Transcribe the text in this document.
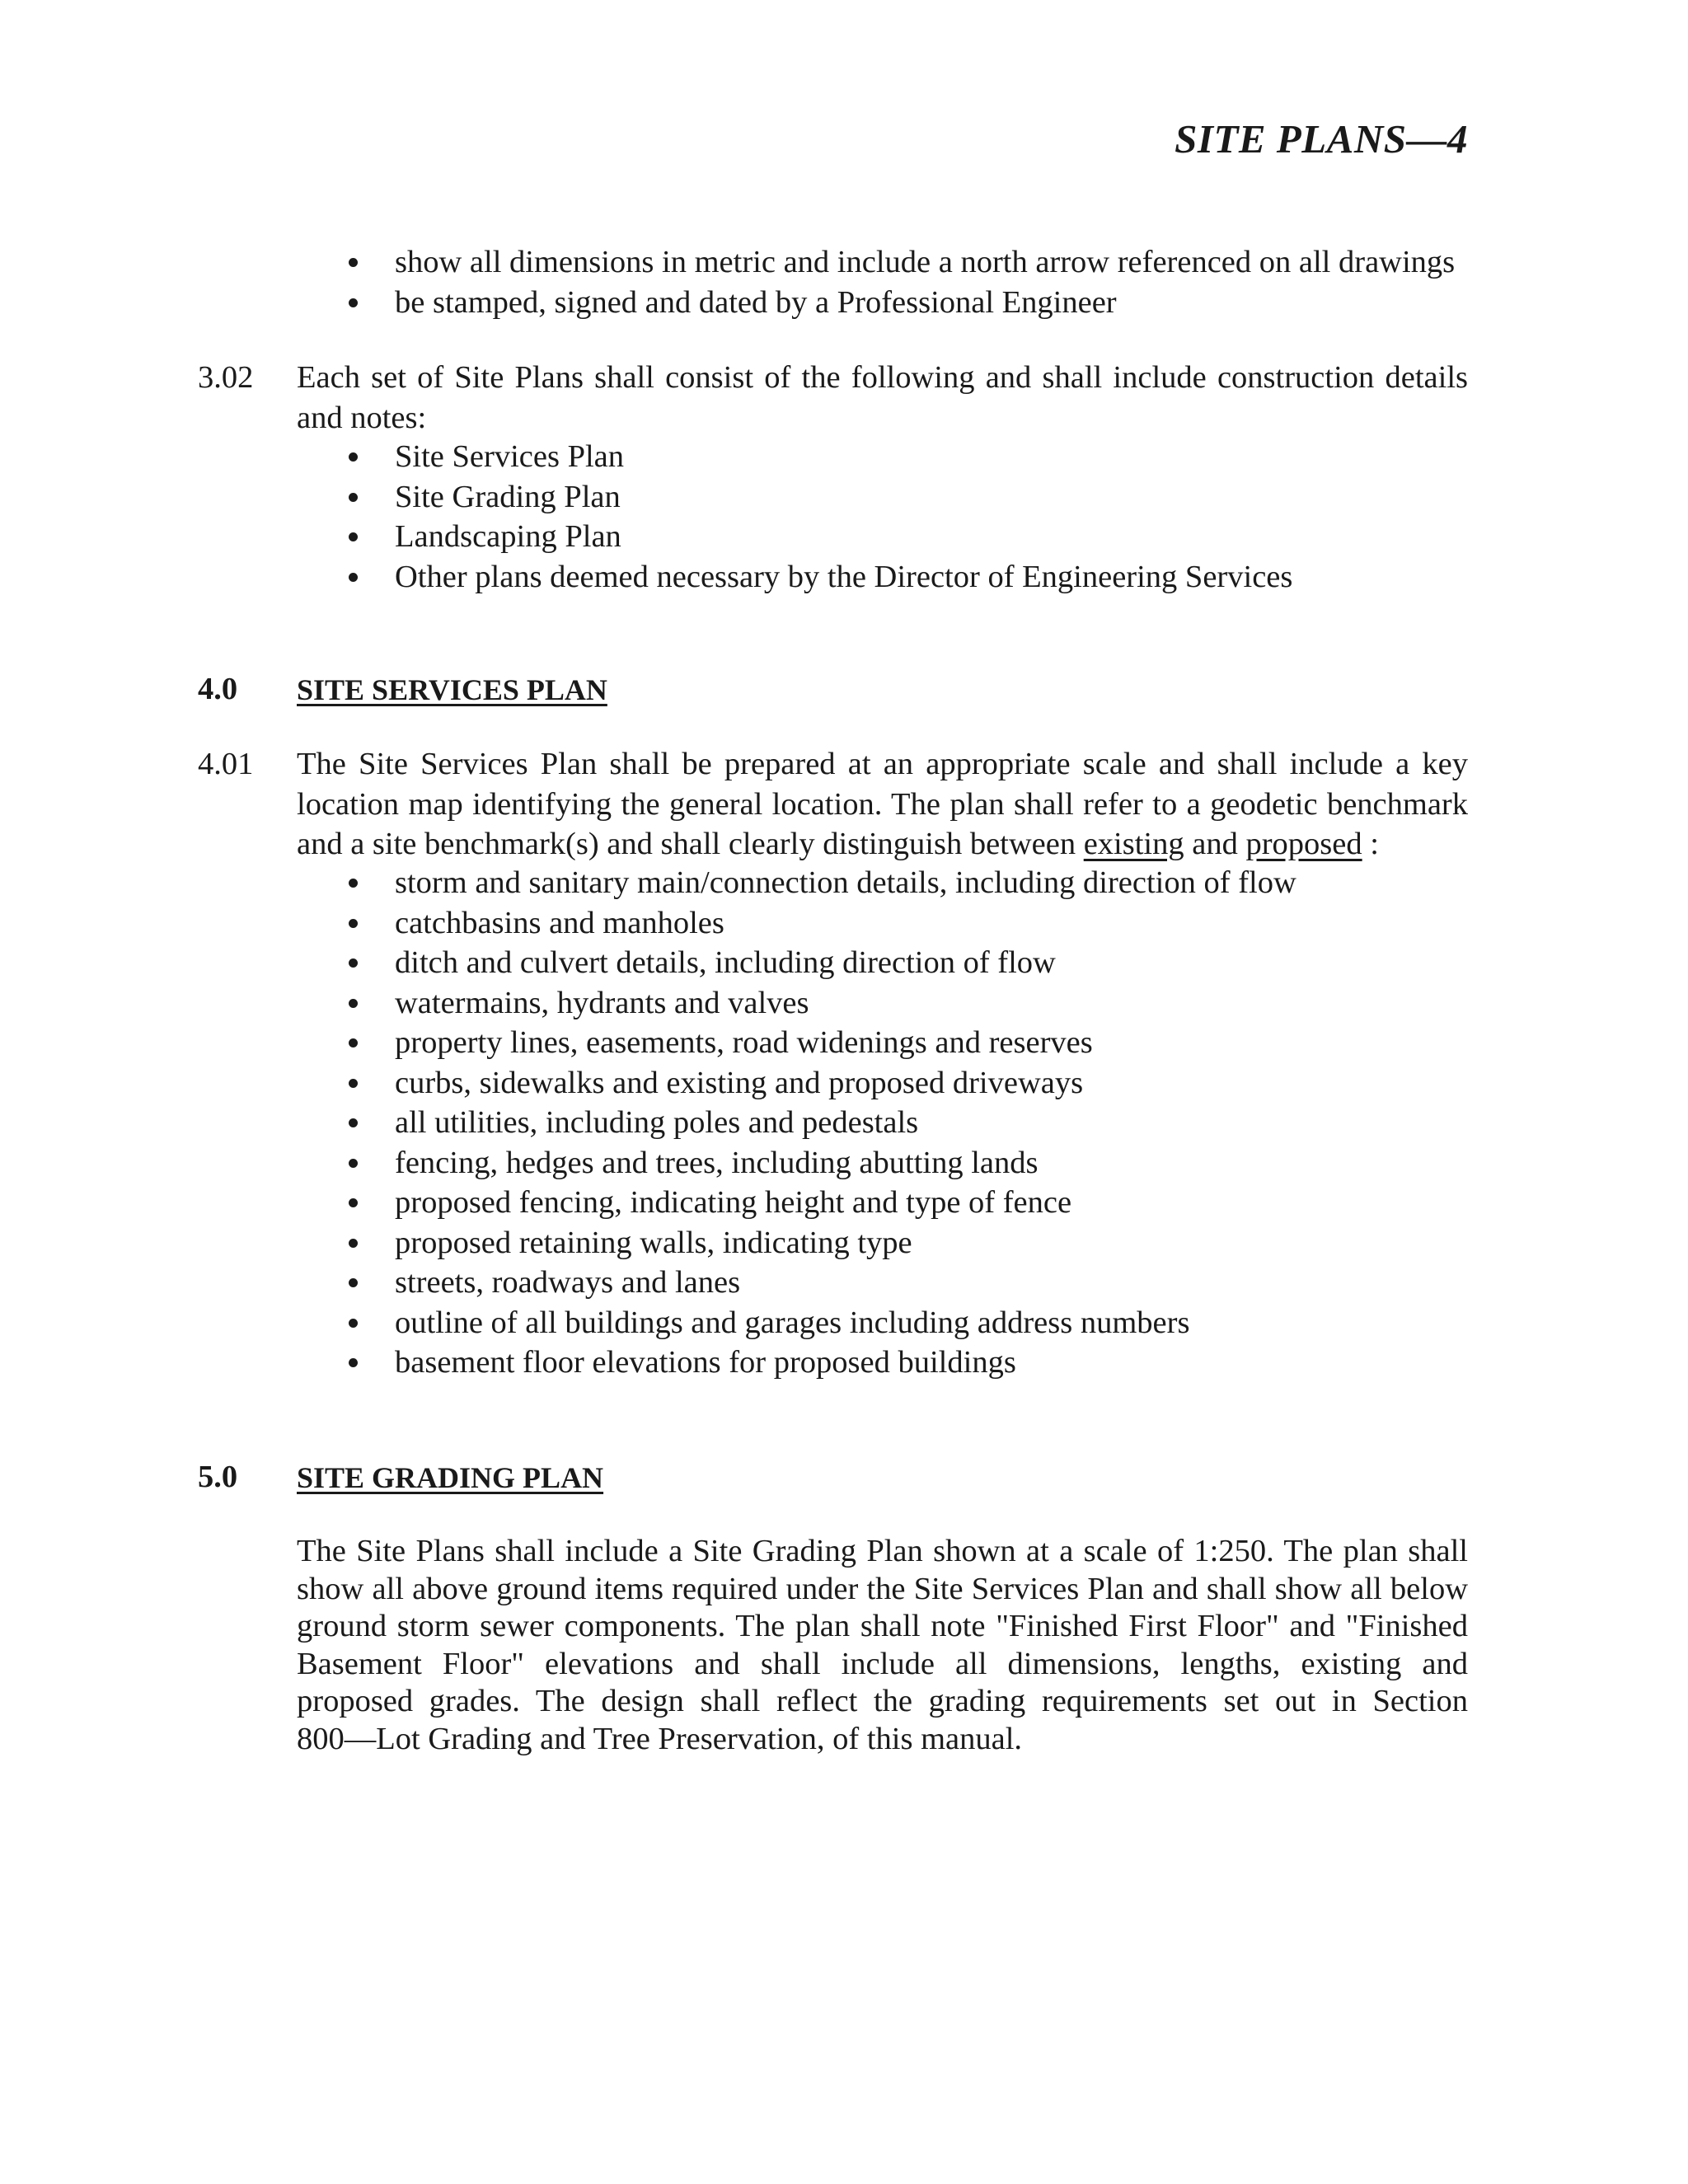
SITE PLANS—4
show all dimensions in metric and include a north arrow referenced on all drawings
be stamped, signed and dated by a Professional Engineer
3.02 Each set of Site Plans shall consist of the following and shall include construction details
and notes:
Site Services Plan
Site Grading Plan
Landscaping Plan
Other plans deemed necessary by the Director of Engineering Services
4.0 SITE SERVICES PLAN
4.01 The Site Services Plan shall be prepared at an appropriate scale and shall include a key
location map identifying the general location. The plan shall refer to a geodetic benchmark
and a site benchmark(s) and shall clearly distinguish between existing and proposed :
storm and sanitary main/connection details, including direction of flow
catchbasins and manholes
ditch and culvert details, including direction of flow
watermains, hydrants and valves
property lines, easements, road widenings and reserves
curbs, sidewalks and existing and proposed driveways
all utilities, including poles and pedestals
fencing, hedges and trees, including abutting lands
proposed fencing, indicating height and type of fence
proposed retaining walls, indicating type
streets, roadways and lanes
outline of all buildings and garages including address numbers
basement floor elevations for proposed buildings
5.0 SITE GRADING PLAN
The Site Plans shall include a Site Grading Plan shown at a scale of 1:250. The plan shall
show all above ground items required under the Site Services Plan and shall show all below
ground storm sewer components. The plan shall note "Finished First Floor" and "Finished
Basement Floor" elevations and shall include all dimensions, lengths, existing and
proposed grades. The design shall reflect the grading requirements set out in Section
800—Lot Grading and Tree Preservation, of this manual.
